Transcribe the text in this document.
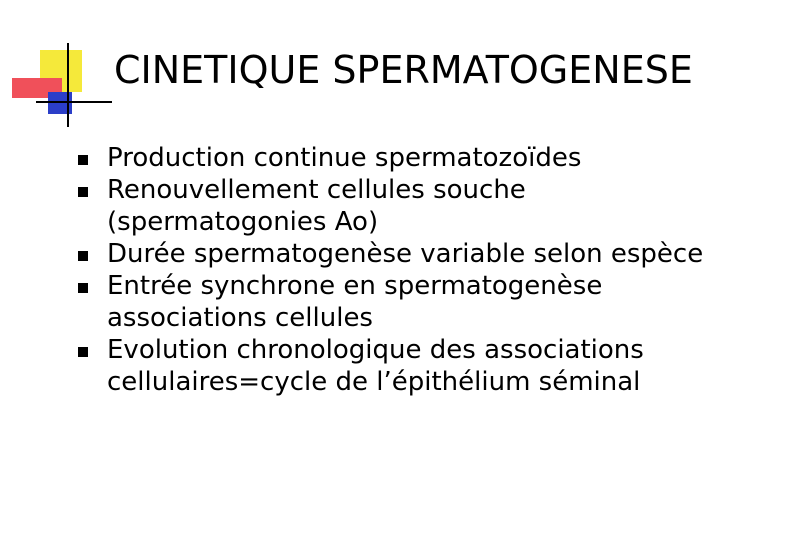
CINETIQUE SPERMATOGENESE
Production continue spermatozoïdes
Renouvellement cellules souche
(spermatogonies Ao)
Durée spermatogenèse variable selon espèce
Entrée synchrone en spermatogenèse
associations cellules
Evolution chronologique des associations
cellulaires=cycle de l’épithélium séminal
